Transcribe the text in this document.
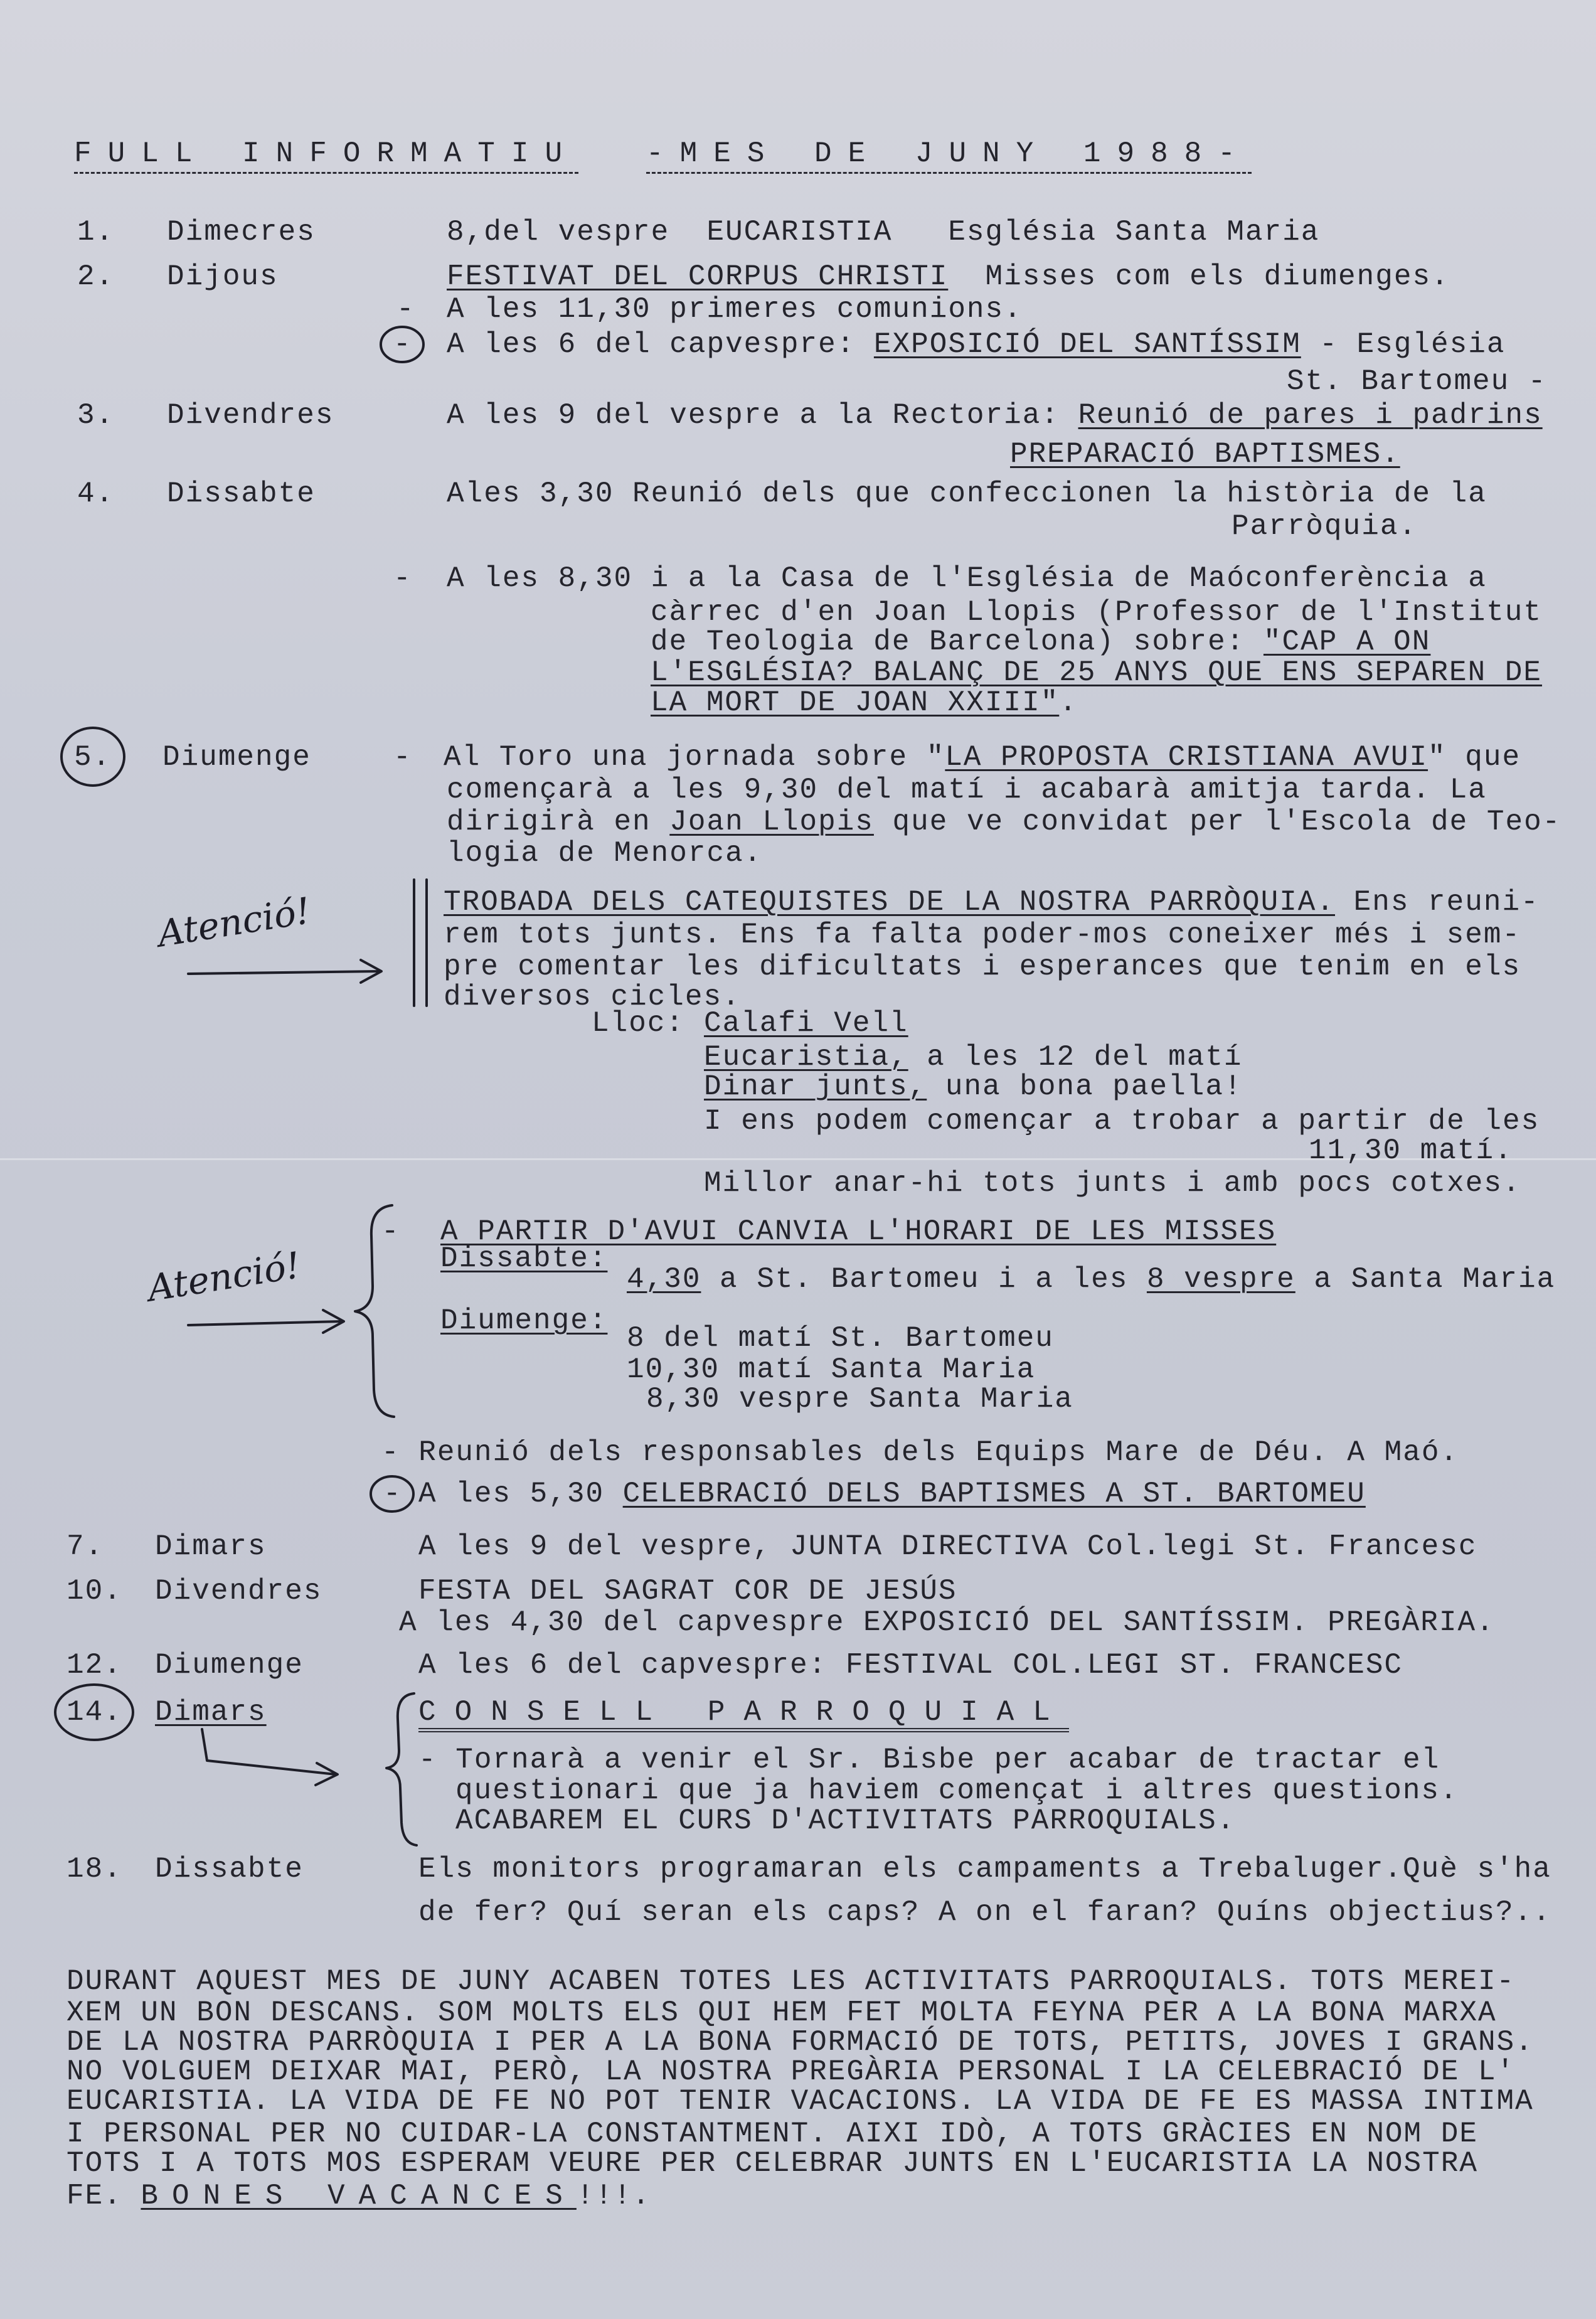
FULL INFORMATIU -MES DE JUNY 1988-
1. Dimecres	8,del vespre  EUCARISTIA   Església Santa Maria
2. Dijous	FESTIVAT DEL CORPUS CHRISTI  Misses com els diumenges.
- A les 11,30 primeres comunions.
- A les 6 del capvespre: EXPOSICIÓ DEL SANTÍSSIM - Església
St. Bartomeu -
3. Divendres	A les 9 del vespre a la Rectoria: Reunió de pares i padrins
PREPARACIÓ BAPTISMES.
4. Dissabte	Ales 3,30 Reunió dels que confeccionen la història de la
Parròquia.
- A les 8,30 i a la Casa de l'Església de Maóconferència a
càrrec d'en Joan Llopis (Professor de l'Institut
de Teologia de Barcelona) sobre: "CAP A ON
L'ESGLÉSIA? BALANÇ DE 25 ANYS QUE ENS SEPAREN DE
LA MORT DE JOAN XXIII".
5. Diumenge	- Al Toro una jornada sobre "LA PROPOSTA CRISTIANA AVUI" que
començarà a les 9,30 del matí i acabarà amitja tarda. La
dirigirà en Joan Llopis que ve convidat per l'Escola de Teo-
logia de Menorca.
TROBADA DELS CATEQUISTES DE LA NOSTRA PARRÒQUIA. Ens reuni-
rem tots junts. Ens fa falta poder-mos coneixer més i sem-
pre comentar les dificultats i esperances que tenim en els
diversos cicles.
Lloc: Calafi Vell
Eucaristia, a les 12 del matí
Dinar junts, una bona paella!
I ens podem començar a trobar a partir de les
11,30 matí.
Millor anar-hi tots junts i amb pocs cotxes.
Atenció!
- A PARTIR D'AVUI CANVIA L'HORARI DE LES MISSES
Dissabte:
4,30 a St. Bartomeu i a les 8 vespre a Santa Maria
Diumenge:
8 del matí St. Bartomeu
10,30 matí Santa Maria
8,30 vespre Santa Maria
Atenció!
- Reunió dels responsables dels Equips Mare de Déu. A Maó.
- A les 5,30 CELEBRACIÓ DELS BAPTISMES A ST. BARTOMEU
7. Dimars	A les 9 del vespre, JUNTA DIRECTIVA Col.legi St. Francesc
10. Divendres	FESTA DEL SAGRAT COR DE JESÚS
A les 4,30 del capvespre EXPOSICIÓ DEL SANTÍSSIM. PREGÀRIA.
12. Diumenge	A les 6 del capvespre: FESTIVAL COL.LEGI ST. FRANCESC
14. Dimars	CONSELL PARROQUIAL
- Tornarà a venir el Sr. Bisbe per acabar de tractar el
questionari que ja haviem començat i altres questions.
ACABAREM EL CURS D'ACTIVITATS PARROQUIALS.
18. Dissabte	Els monitors programaran els campaments a Trebaluger.Què s'ha
de fer? Quí seran els caps? A on el faran? Quíns objectius?..
DURANT AQUEST MES DE JUNY ACABEN TOTES LES ACTIVITATS PARROQUIALS. TOTS MEREI-
XEM UN BON DESCANS. SOM MOLTS ELS QUI HEM FET MOLTA FEYNA PER A LA BONA MARXA
DE LA NOSTRA PARRÒQUIA I PER A LA BONA FORMACIÓ DE TOTS, PETITS, JOVES I GRANS.
NO VOLGUEM DEIXAR MAI, PERÒ, LA NOSTRA PREGÀRIA PERSONAL I LA CELEBRACIÓ DE L'
EUCARISTIA. LA VIDA DE FE NO POT TENIR VACACIONS. LA VIDA DE FE ES MASSA INTIMA
I PERSONAL PER NO CUIDAR-LA CONSTANTMENT. AIXI IDÒ, A TOTS GRÀCIES EN NOM DE
TOTS I A TOTS MOS ESPERAM VEURE PER CELEBRAR JUNTS EN L'EUCARISTIA LA NOSTRA
FE. BONES VACANCES!!!.
